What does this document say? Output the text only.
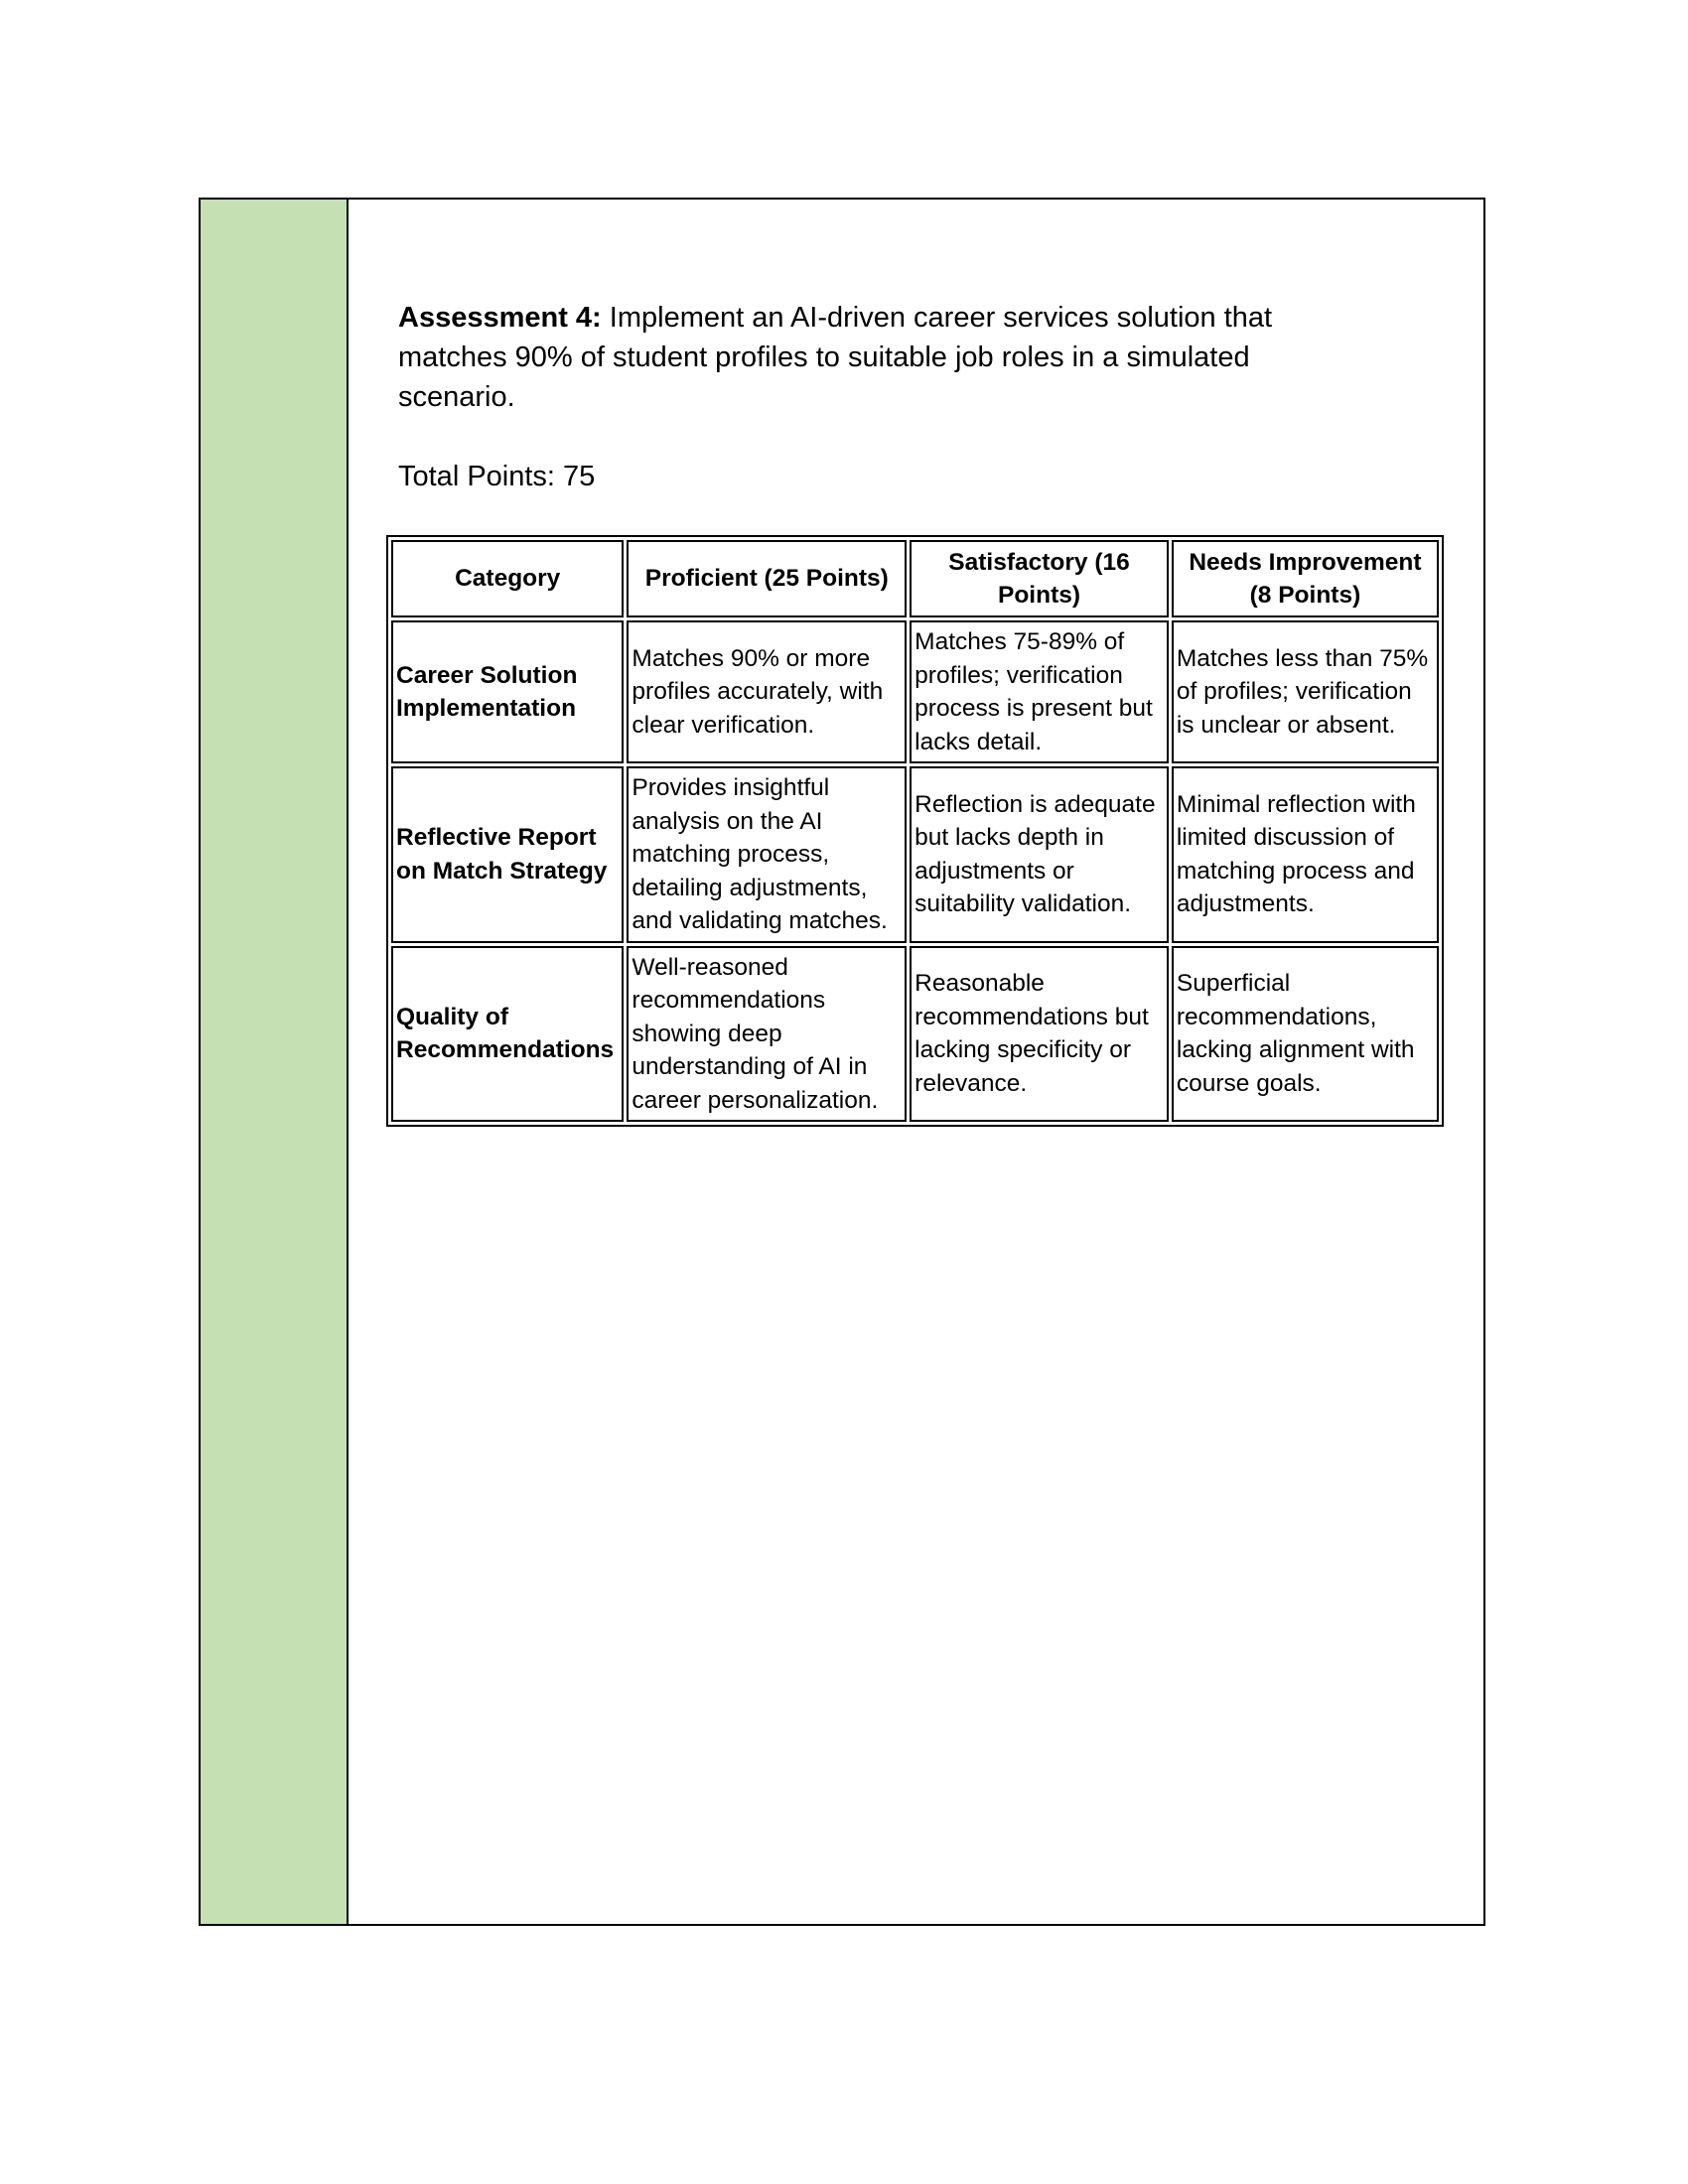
Assessment 4: Implement an AI-driven career services solution that matches 90% of student profiles to suitable job roles in a simulated scenario.

Total Points: 75

Category	Proficient (25 Points)	Satisfactory (16 Points)	Needs Improvement (8 Points)
Career Solution Implementation	Matches 90% or more profiles accurately, with clear verification.	Matches 75-89% of profiles; verification process is present but lacks detail.	Matches less than 75% of profiles; verification is unclear or absent.
Reflective Report on Match Strategy	Provides insightful analysis on the AI matching process, detailing adjustments, and validating matches.	Reflection is adequate but lacks depth in adjustments or suitability validation.	Minimal reflection with limited discussion of matching process and adjustments.
Quality of Recommendations	Well-reasoned recommendations showing deep understanding of AI in career personalization.	Reasonable recommendations but lacking specificity or relevance.	Superficial recommendations, lacking alignment with course goals.
